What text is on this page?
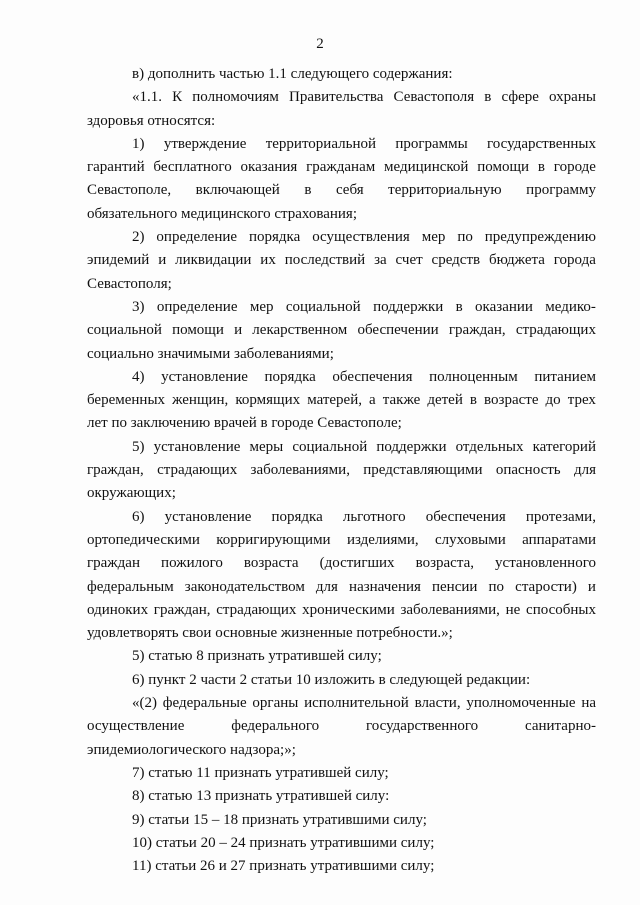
2
в) дополнить частью 1.1 следующего содержания:
«1.1. К полномочиям Правительства Севастополя в сфере охраны
здоровья относятся:
1) утверждение территориальной программы государственных
гарантий бесплатного оказания гражданам медицинской помощи в городе
Севастополе, включающей в себя территориальную программу
обязательного медицинского страхования;
2) определение порядка осуществления мер по предупреждению
эпидемий и ликвидации их последствий за счет средств бюджета города
Севастополя;
3) определение мер социальной поддержки в оказании медико-
социальной помощи и лекарственном обеспечении граждан, страдающих
социально значимыми заболеваниями;
4) установление порядка обеспечения полноценным питанием
беременных женщин, кормящих матерей, а также детей в возрасте до трех
лет по заключению врачей в городе Севастополе;
5) установление меры социальной поддержки отдельных категорий
граждан, страдающих заболеваниями, представляющими опасность для
окружающих;
6) установление порядка льготного обеспечения протезами,
ортопедическими корригирующими изделиями, слуховыми аппаратами
граждан пожилого возраста (достигших возраста, установленного
федеральным законодательством для назначения пенсии по старости) и
одиноких граждан, страдающих хроническими заболеваниями, не способных
удовлетворять свои основные жизненные потребности.»;
5) статью 8 признать утратившей силу;
6) пункт 2 части 2 статьи 10 изложить в следующей редакции:
«(2) федеральные органы исполнительной власти, уполномоченные на
осуществление	федерального	государственного	санитарно-
эпидемиологического надзора;»;
7) статью 11 признать утратившей силу;
8) статью 13 признать утратившей силу:
9) статьи 15 – 18 признать утратившими силу;
10) статьи 20 – 24 признать утратившими силу;
11) статьи 26 и 27 признать утратившими силу;
